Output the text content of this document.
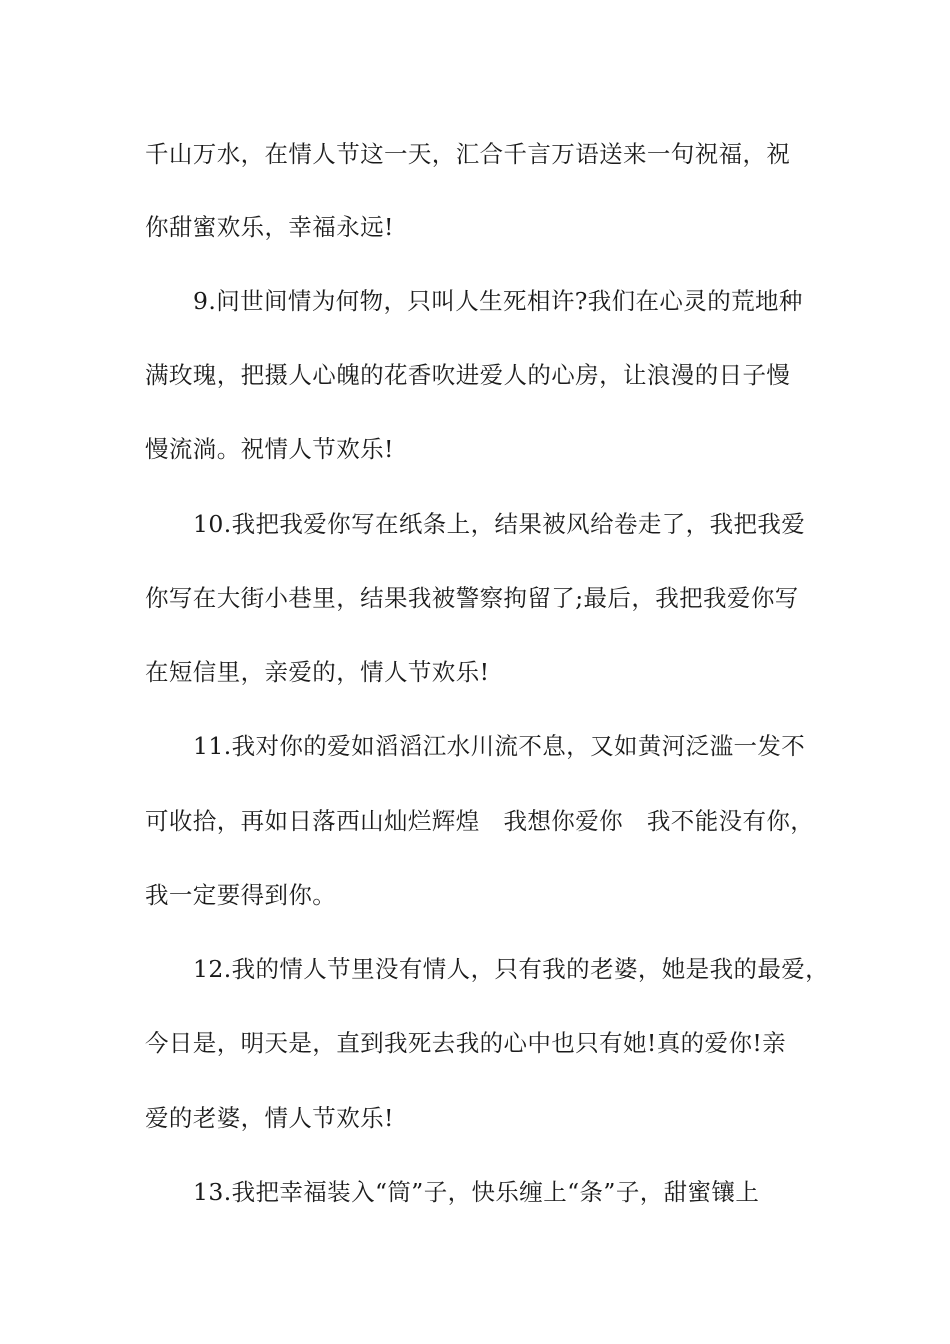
千山万水，在情人节这一天，汇合千言万语送来一句祝福，祝
你甜蜜欢乐，幸福永远!
9.问世间情为何物，只叫人生死相许?我们在心灵的荒地种
满玫瑰，把摄人心魄的花香吹进爱人的心房，让浪漫的日子慢
慢流淌。祝情人节欢乐!
10.我把我爱你写在纸条上，结果被风给卷走了，我把我爱
你写在大街小巷里，结果我被警察拘留了;最后，我把我爱你写
在短信里，亲爱的，情人节欢乐!
11.我对你的爱如滔滔江水川流不息，又如黄河泛滥一发不
可收拾，再如日落西山灿烂辉煌　我想你爱你　我不能没有你，
我一定要得到你。
12.我的情人节里没有情人，只有我的老婆，她是我的最爱，
今日是，明天是，直到我死去我的心中也只有她!真的爱你!亲
爱的老婆，情人节欢乐!
13.我把幸福装入“筒”子，快乐缠上“条”子，甜蜜镶上
